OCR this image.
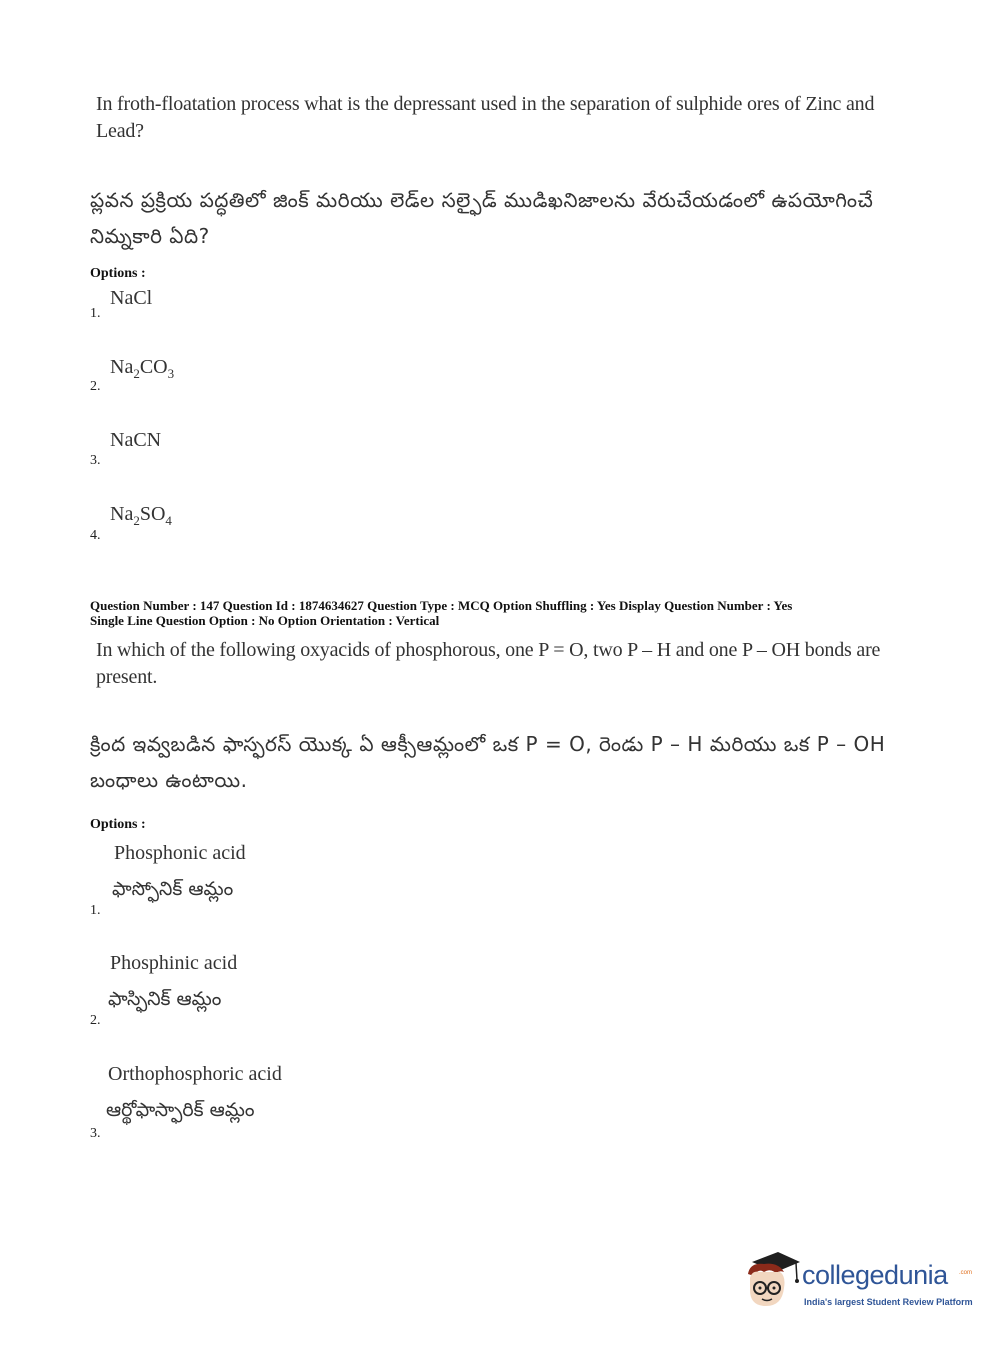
In froth-floatation process what is the depressant used in the separation of sulphide ores of Zinc and Lead?
ప్లవన ప్రక్రియ పద్ధతిలో జింక్ మరియు లెడ్‌ల సల్ఫైడ్ ముడిఖనిజాలను వేరుచేయడంలో ఉపయోగించే నిమ్నకారి ఏది?
Options :
NaCl
1.
$Na_2CO_3$
2.
NaCN
3.
$Na_2SO_4$
4.
Question Number : 147 Question Id : 1874634627 Question Type : MCQ Option Shuffling : Yes Display Question Number : Yes
Single Line Question Option : No Option Orientation : Vertical
In which of the following oxyacids of phosphorous, one P = O, two P – H and one P – OH bonds are present.
క్రింద ఇవ్వబడిన ఫాస్ఫరస్ యొక్క ఏ ఆక్సీఆమ్లంలో ఒక P = O, రెండు P – H మరియు ఒక P – OH బంధాలు ఉంటాయి.
Options :
Phosphonic acid
ఫాస్ఫోనిక్ ఆమ్లం
1.
Phosphinic acid
ఫాస్ఫినిక్ ఆమ్లం
2.
Orthophosphoric acid
ఆర్థోఫాస్ఫారిక్ ఆమ్లం
3.
collegedunia .com
India's largest Student Review Platform
